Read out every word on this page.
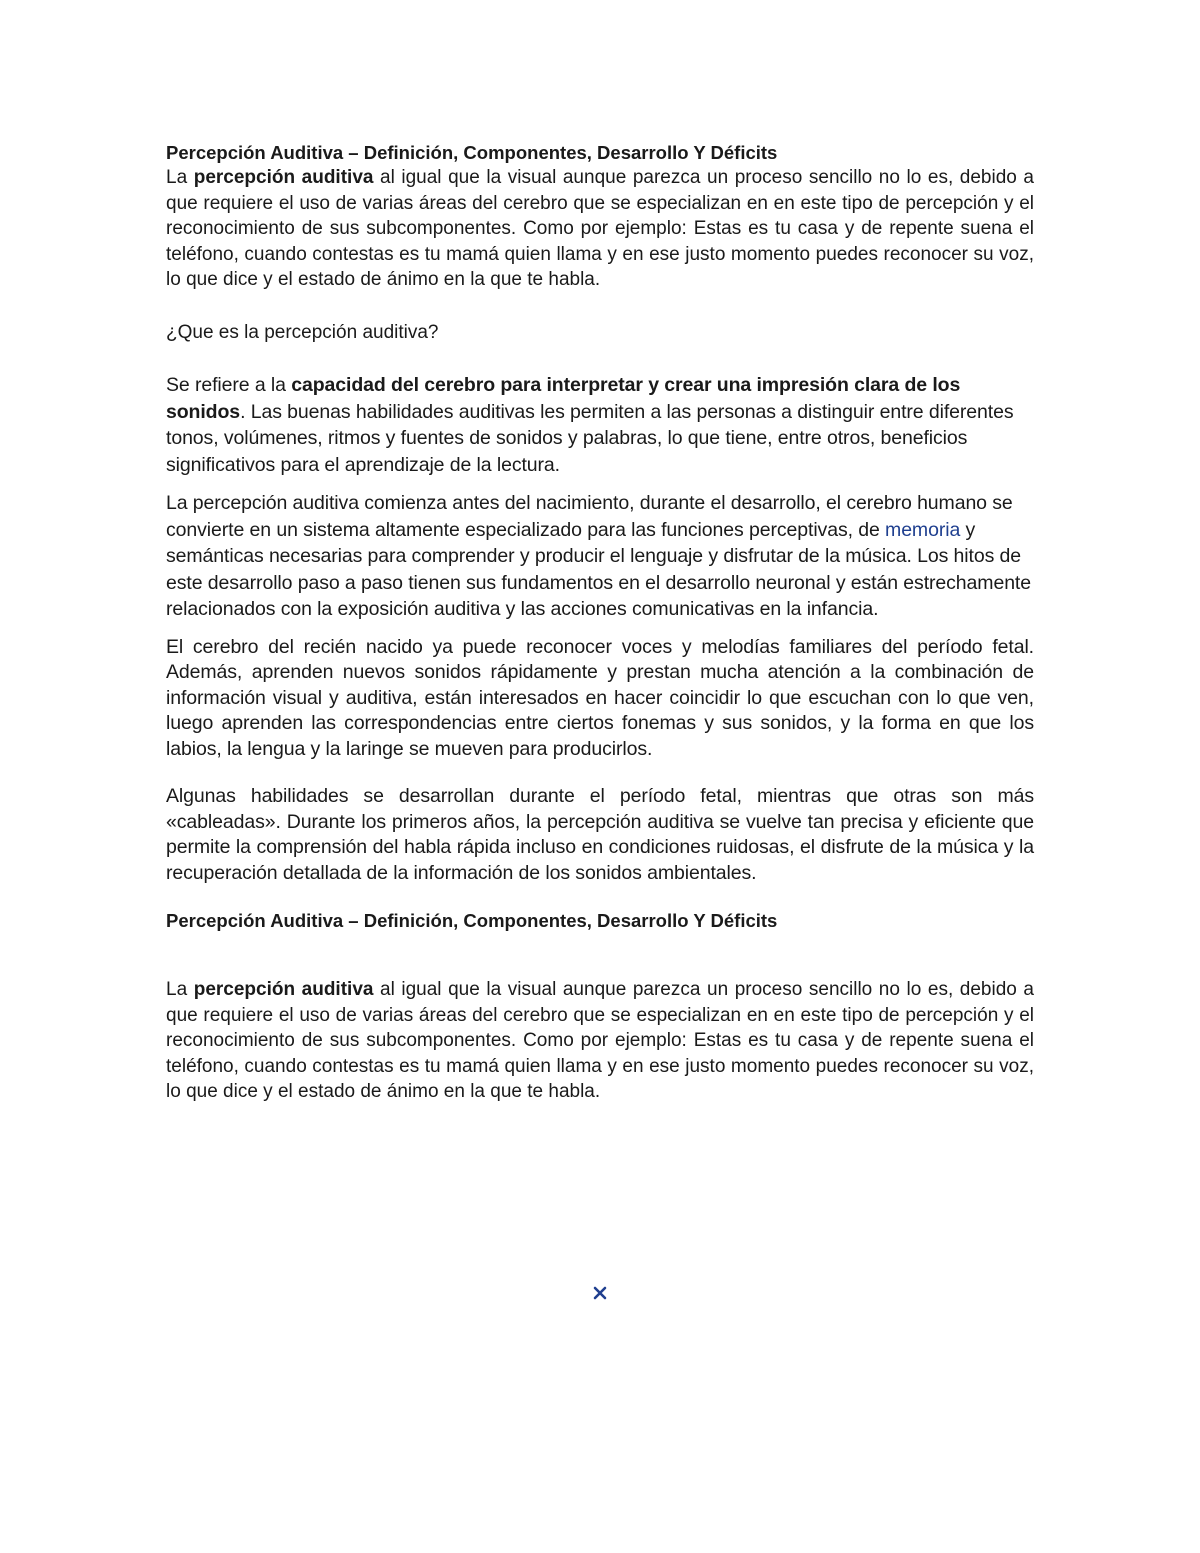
Percepción Auditiva – Definición, Componentes, Desarrollo Y Déficits

La percepción auditiva al igual que la visual aunque parezca un proceso sencillo no lo es, debido a que requiere el uso de varias áreas del cerebro que se especializan en en este tipo de percepción y el reconocimiento de sus subcomponentes. Como por ejemplo: Estas es tu casa y de repente suena el teléfono, cuando contestas es tu mamá quien llama y en ese justo momento puedes reconocer su voz, lo que dice y el estado de ánimo en la que te habla.

¿Que es la percepción auditiva?

Se refiere a la capacidad del cerebro para interpretar y crear una impresión clara de los sonidos. Las buenas habilidades auditivas les permiten a las personas a distinguir entre diferentes tonos, volúmenes, ritmos y fuentes de sonidos y palabras, lo que tiene, entre otros, beneficios significativos para el aprendizaje de la lectura.

La percepción auditiva comienza antes del nacimiento, durante el desarrollo, el cerebro humano se convierte en un sistema altamente especializado para las funciones perceptivas, de memoria y semánticas necesarias para comprender y producir el lenguaje y disfrutar de la música. Los hitos de este desarrollo paso a paso tienen sus fundamentos en el desarrollo neuronal y están estrechamente relacionados con la exposición auditiva y las acciones comunicativas en la infancia.

El cerebro del recién nacido ya puede reconocer voces y melodías familiares del período fetal. Además, aprenden nuevos sonidos rápidamente y prestan mucha atención a la combinación de información visual y auditiva, están interesados en hacer coincidir lo que escuchan con lo que ven, luego aprenden las correspondencias entre ciertos fonemas y sus sonidos, y la forma en que los labios, la lengua y la laringe se mueven para producirlos.

Algunas habilidades se desarrollan durante el período fetal, mientras que otras son más «cableadas». Durante los primeros años, la percepción auditiva se vuelve tan precisa y eficiente que permite la comprensión del habla rápida incluso en condiciones ruidosas, el disfrute de la música y la recuperación detallada de la información de los sonidos ambientales.

Percepción Auditiva – Definición, Componentes, Desarrollo Y Déficits

La percepción auditiva al igual que la visual aunque parezca un proceso sencillo no lo es, debido a que requiere el uso de varias áreas del cerebro que se especializan en en este tipo de percepción y el reconocimiento de sus subcomponentes. Como por ejemplo: Estas es tu casa y de repente suena el teléfono, cuando contestas es tu mamá quien llama y en ese justo momento puedes reconocer su voz, lo que dice y el estado de ánimo en la que te habla.
